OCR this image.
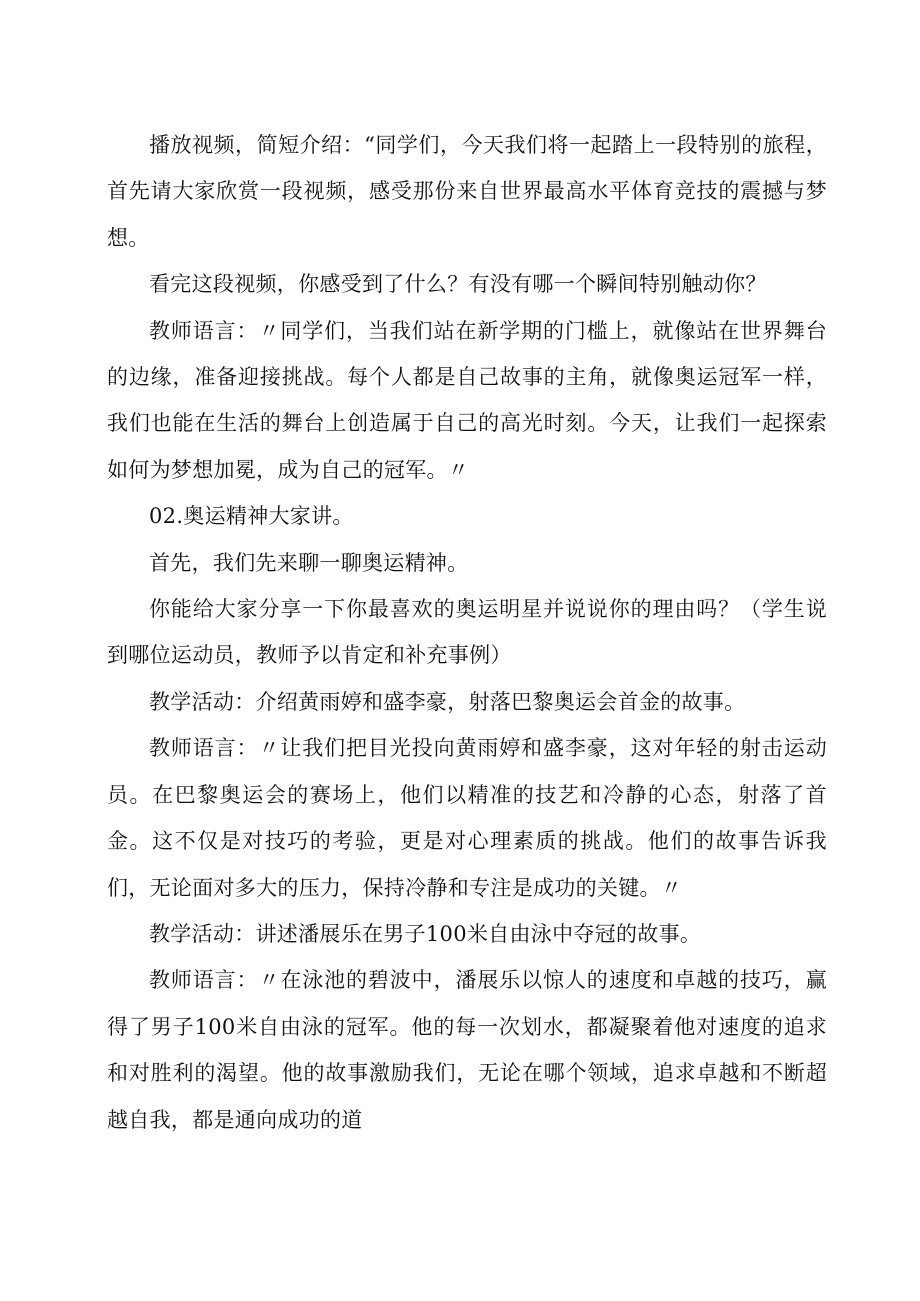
播放视频，简短介绍：“同学们，今天我们将一起踏上一段特别的旅程，首先请大家欣赏一段视频，感受那份来自世界最高水平体育竞技的震撼与梦想。

看完这段视频，你感受到了什么？有没有哪一个瞬间特别触动你？

教师语言：〃同学们，当我们站在新学期的门槛上，就像站在世界舞台的边缘，准备迎接挑战。每个人都是自己故事的主角，就像奥运冠军一样，我们也能在生活的舞台上创造属于自己的高光时刻。今天，让我们一起探索如何为梦想加冕，成为自己的冠军。〃

02.奥运精神大家讲。

首先，我们先来聊一聊奥运精神。

你能给大家分享一下你最喜欢的奥运明星并说说你的理由吗？（学生说到哪位运动员，教师予以肯定和补充事例）

教学活动：介绍黄雨婷和盛李豪，射落巴黎奥运会首金的故事。

教师语言：〃让我们把目光投向黄雨婷和盛李豪，这对年轻的射击运动员。在巴黎奥运会的赛场上，他们以精准的技艺和冷静的心态，射落了首金。这不仅是对技巧的考验，更是对心理素质的挑战。他们的故事告诉我们，无论面对多大的压力，保持冷静和专注是成功的关键。〃

教学活动：讲述潘展乐在男子100米自由泳中夺冠的故事。

教师语言：〃在泳池的碧波中，潘展乐以惊人的速度和卓越的技巧，赢得了男子100米自由泳的冠军。他的每一次划水，都凝聚着他对速度的追求和对胜利的渴望。他的故事激励我们，无论在哪个领域，追求卓越和不断超越自我，都是通向成功的道
